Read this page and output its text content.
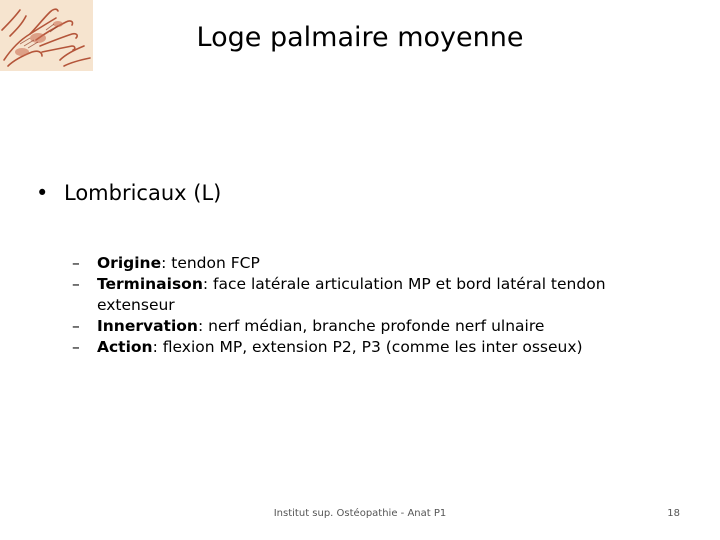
Loge palmaire moyenne
• Lombricaux (L)
– Origine: tendon FCP
– Terminaison: face latérale articulation MP et bord latéral tendon extenseur
– Innervation: nerf médian, branche profonde nerf ulnaire
– Action: flexion MP, extension P2, P3 (comme les inter osseux)
Institut sup. Ostéopathie - Anat P1	18
